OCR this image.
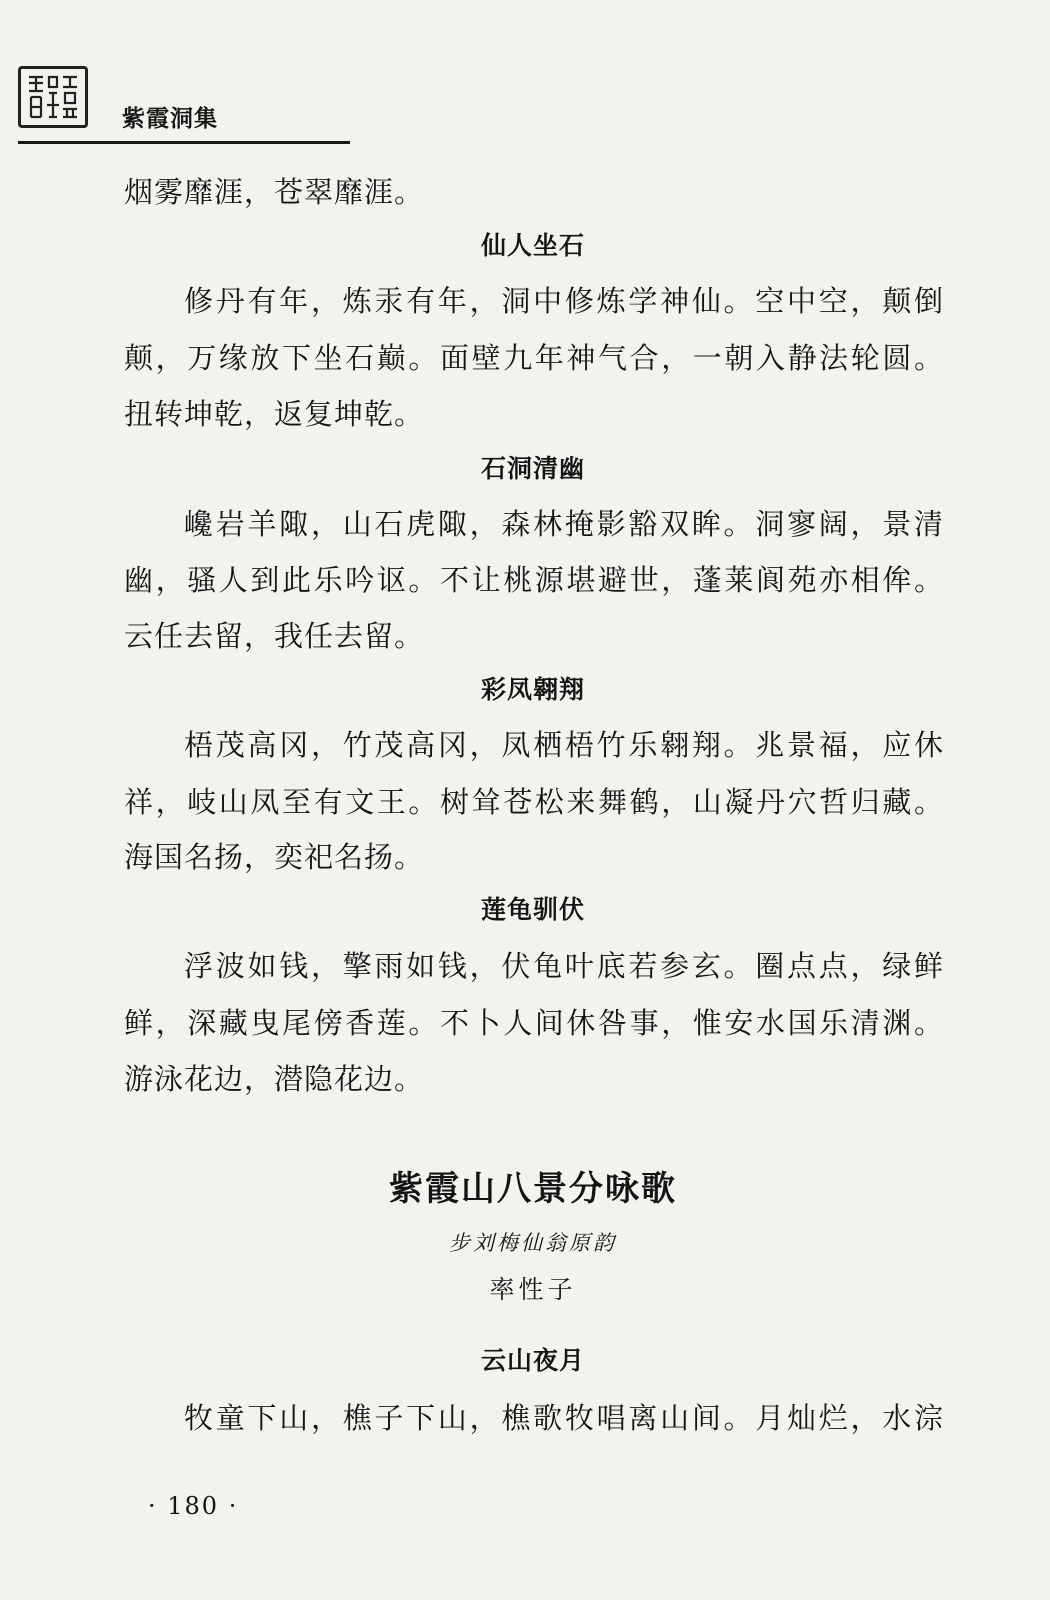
紫霞洞集
烟雾靡涯，苍翠靡涯。
仙人坐石
修丹有年，炼汞有年，洞中修炼学神仙。空中空，颠倒
颠，万缘放下坐石巅。面壁九年神气合，一朝入静法轮圆。
扭转坤乾，返复坤乾。
石洞清幽
巉岩羊陬，山石虎陬，森林掩影豁双眸。洞寥阔，景清
幽，骚人到此乐吟讴。不让桃源堪避世，蓬莱阆苑亦相侔。
云任去留，我任去留。
彩凤翱翔
梧茂高冈，竹茂高冈，凤栖梧竹乐翱翔。兆景福，应休
祥，岐山凤至有文王。树耸苍松来舞鹤，山凝丹穴哲归藏。
海国名扬，奕祀名扬。
莲龟驯伏
浮波如钱，擎雨如钱，伏龟叶底若参玄。圈点点，绿鲜
鲜，深藏曳尾傍香莲。不卜人间休咎事，惟安水国乐清渊。
游泳花边，潜隐花边。
紫霞山八景分咏歌
步刘梅仙翁原韵
率性子
云山夜月
牧童下山，樵子下山，樵歌牧唱离山间。月灿烂，水淙
· 180 ·
